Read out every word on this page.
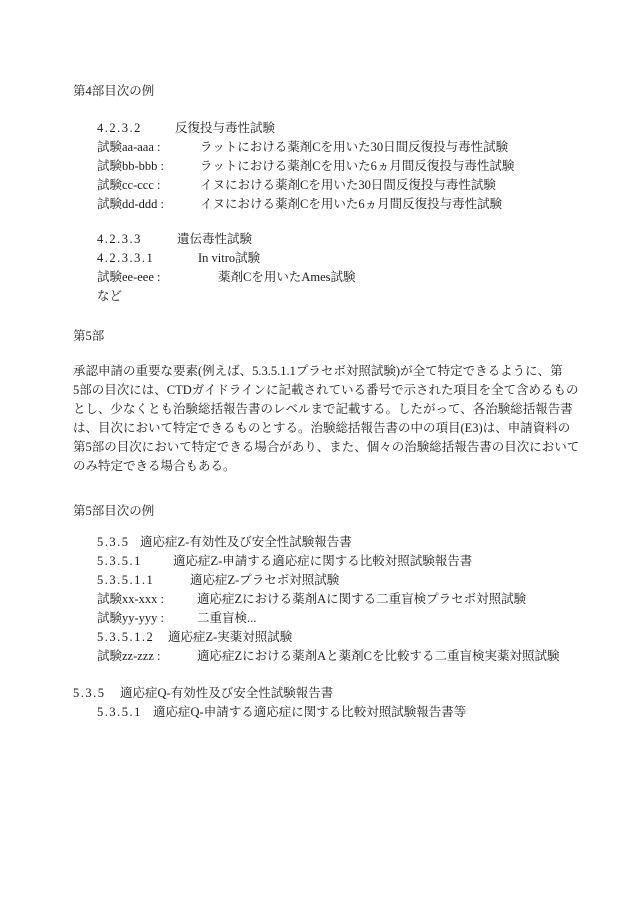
第4部目次の例
4.2.3.2	反復投与毒性試験
試験aa-aaa :	ラットにおける薬剤Cを用いた30日間反復投与毒性試験
試験bb-bbb :	ラットにおける薬剤Cを用いた6ヵ月間反復投与毒性試験
試験cc-ccc :	イヌにおける薬剤Cを用いた30日間反復投与毒性試験
試験dd-ddd :	イヌにおける薬剤Cを用いた6ヵ月間反復投与毒性試験
4.2.3.3	遺伝毒性試験
4.2.3.3.1	In vitro試験
試験ee-eee :	薬剤Cを用いたAmes試験
など
第5部
承認申請の重要な要素(例えば、5.3.5.1.1プラセボ対照試験)が全て特定できるように、第
5部の目次には、CTDガイドラインに記載されている番号で示された項目を全て含めるもの
とし、少なくとも治験総括報告書のレベルまで記載する。したがって、各治験総括報告書
は、目次において特定できるものとする。治験総括報告書の中の項目(E3)は、申請資料の
第5部の目次において特定できる場合があり、また、個々の治験総括報告書の目次において
のみ特定できる場合もある。
第5部目次の例
5.3.5 適応症Z-有効性及び安全性試験報告書
5.3.5.1 適応症Z-申請する適応症に関する比較対照試験報告書
5.3.5.1.1	適応症Z-プラセボ対照試験
試験xx-xxx :	適応症Zにおける薬剤Aに関する二重盲検プラセボ対照試験
試験yy-yyy :	二重盲検...
5.3.5.1.2 適応症Z-実薬対照試験
試験zz-zzz :	適応症Zにおける薬剤Aと薬剤Cを比較する二重盲検実薬対照試験
5.3.5 適応症Q-有効性及び安全性試験報告書
5.3.5.1 適応症Q-申請する適応症に関する比較対照試験報告書等
